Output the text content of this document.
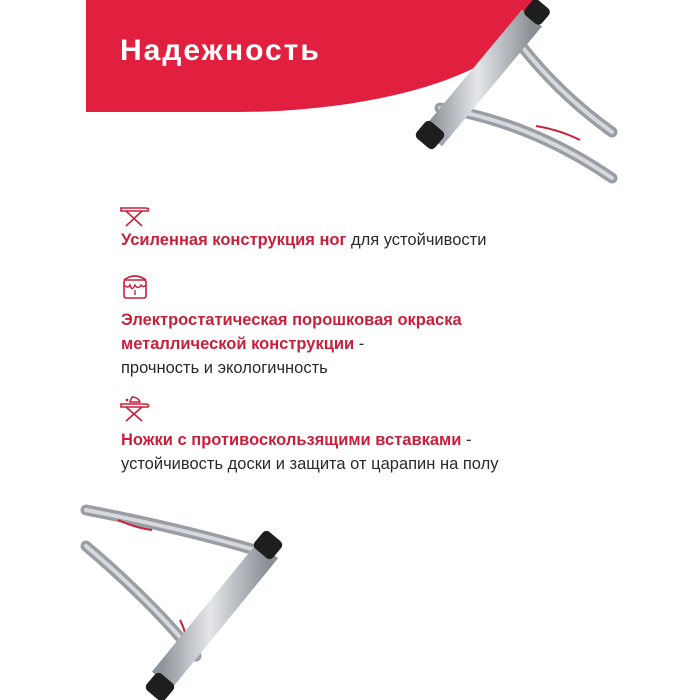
Надежность

Усиленная конструкция ног для устойчивости

Электростатическая порошковая окраска
металлической конструкции -
прочность и экологичность

Ножки с противоскользящими вставками -
устойчивость доски и защита от царапин на полу
